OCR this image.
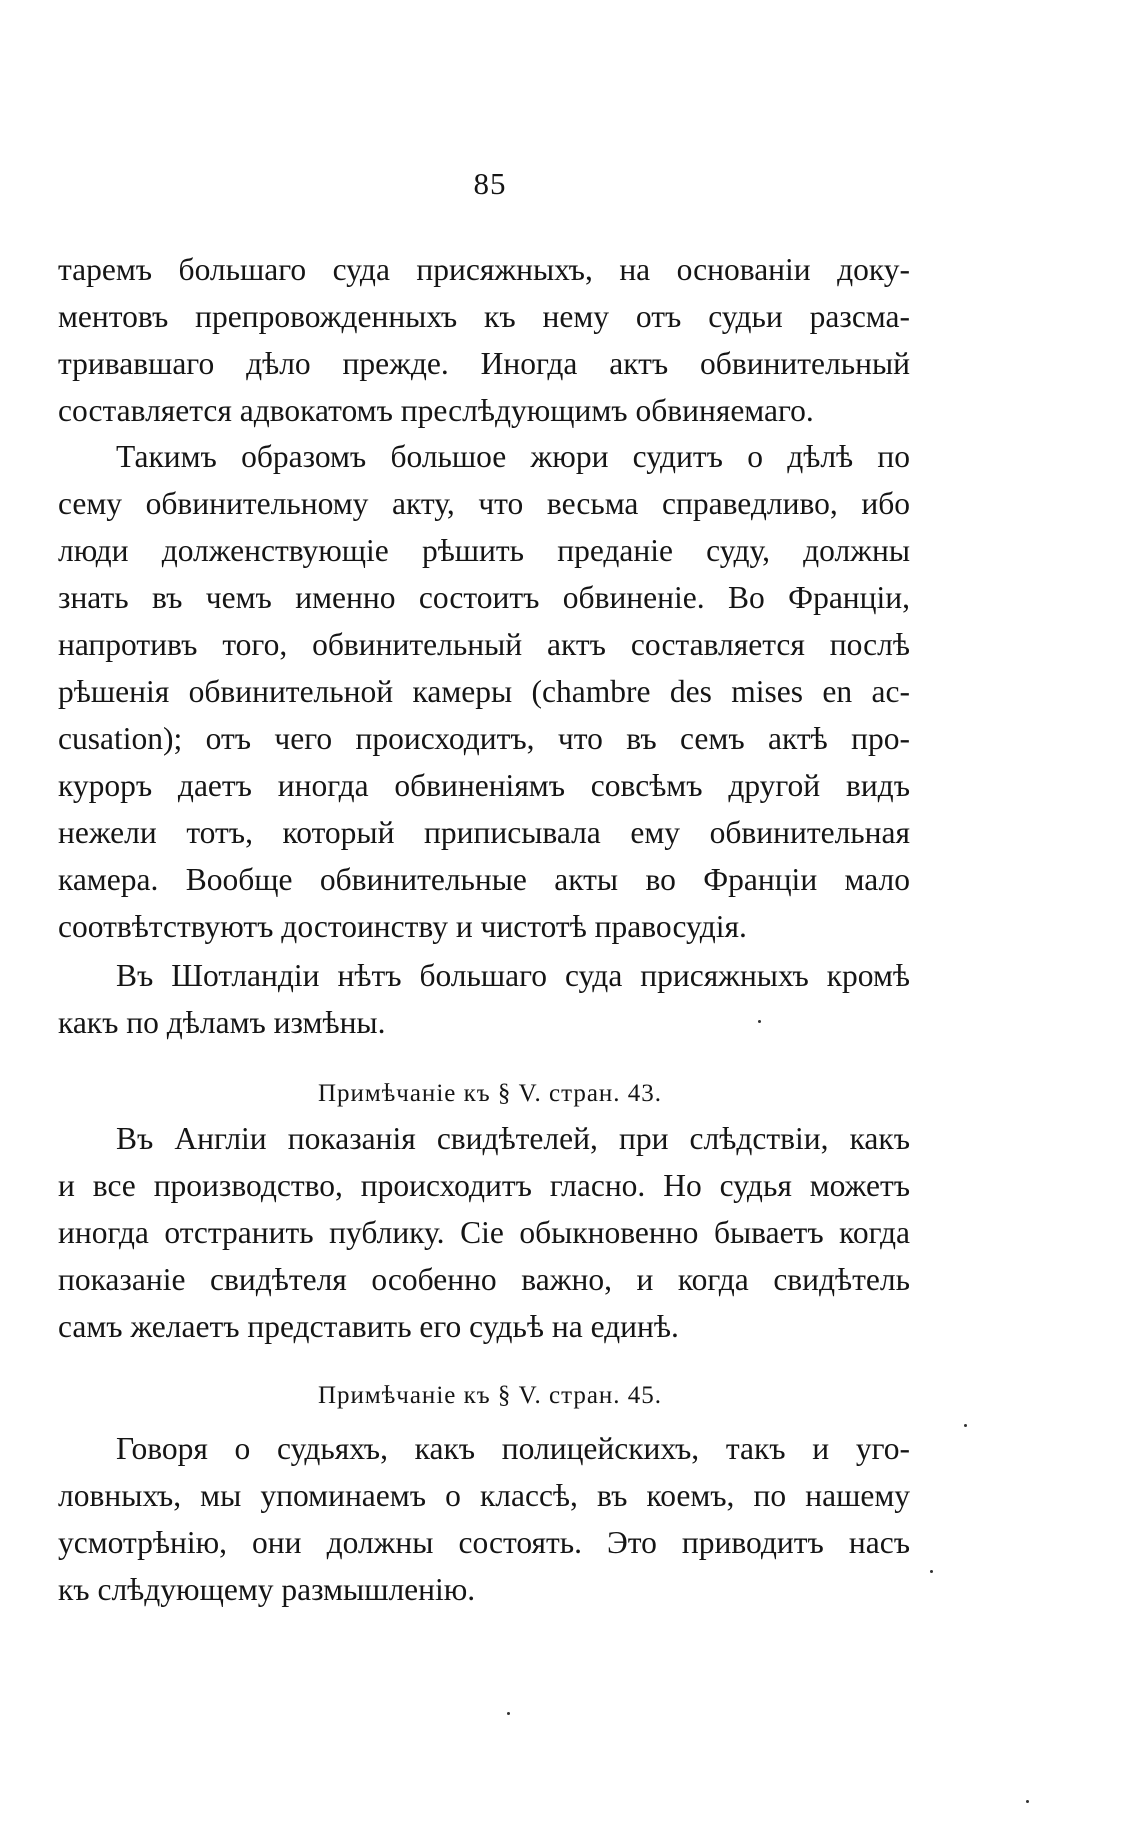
85
таремъ большаго суда присяжныхъ, на основанiи доку-
ментовъ препровожденныхъ къ нему отъ судьи разсма-
тривавшаго дѣло прежде. Иногда актъ обвинительный
составляется адвокатомъ преслѣдующимъ обвиняемаго.
Такимъ образомъ большое жюри судитъ о дѣлѣ по
сему обвинительному акту, что весьма справедливо, ибо
люди долженствующiе рѣшить преданiе суду, должны
знать въ чемъ именно состоитъ обвиненiе. Во Францiи,
напротивъ того, обвинительный актъ составляется послѣ
рѣшенiя обвинительной камеры (chambre des mises en ac-
cusation); отъ чего происходитъ, что въ семъ актѣ про-
куроръ даетъ иногда обвиненiямъ совсѣмъ другой видъ
нежели тотъ, который приписывала ему обвинительная
камера. Вообще обвинительные акты во Францiи мало
соотвѣтствуютъ достоинству и чистотѣ правосудiя.
Въ Шотландiи нѣтъ большаго суда присяжныхъ кромѣ
какъ по дѣламъ измѣны.
Примѣчанiе къ § V. стран. 43.
Въ Англiи показанiя свидѣтелей, при слѣдствiи, какъ
и все производство, происходитъ гласно. Но судья можетъ
иногда отстранить публику. Сiе обыкновенно бываетъ когда
показанiе свидѣтеля особенно важно, и когда свидѣтель
самъ желаетъ представить его судьѣ на единѣ.
Примѣчанiе къ § V. стран. 45.
Говоря о судьяхъ, какъ полицейскихъ, такъ и уго-
ловныхъ, мы упоминаемъ о классѣ, въ коемъ, по нашему
усмотрѣнiю, они должны состоять. Это приводитъ насъ
къ слѣдующему размышленiю.
